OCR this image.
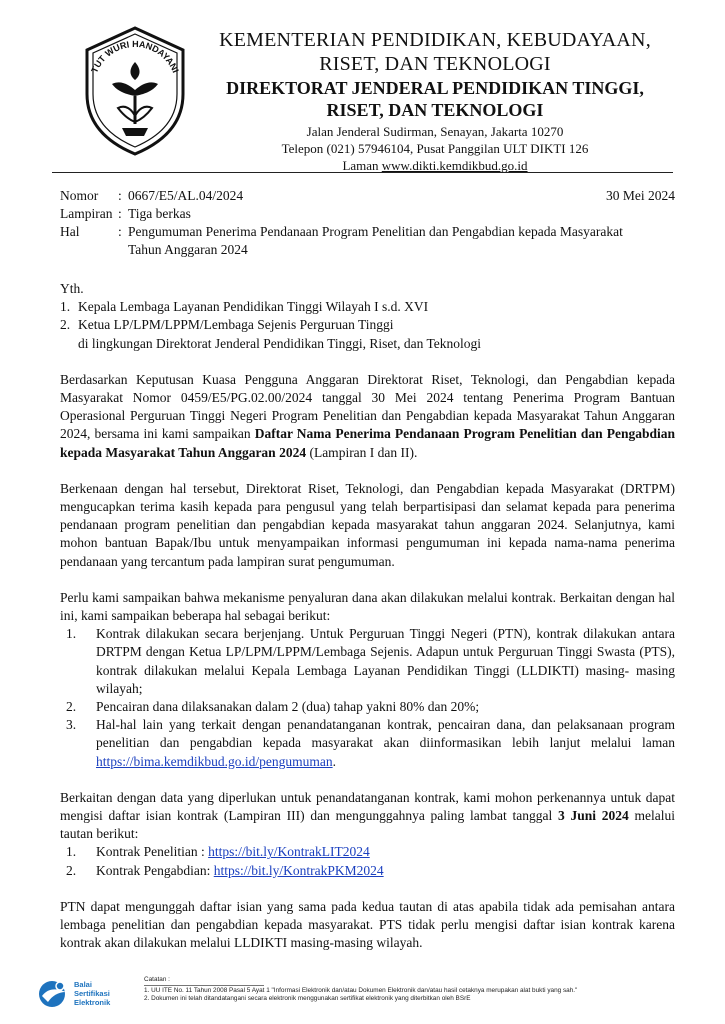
TUT WURI HANDAYANI
KEMENTERIAN PENDIDIKAN, KEBUDAYAAN,
RISET, DAN TEKNOLOGI
DIREKTORAT JENDERAL PENDIDIKAN TINGGI,
RISET, DAN TEKNOLOGI
Jalan Jenderal Sudirman, Senayan, Jakarta 10270
Telepon (021) 57946104, Pusat Panggilan ULT DIKTI 126
Laman www.dikti.kemdikbud.go.id
Nomor	: 0667/E5/AL.04/2024	30 Mei 2024
Lampiran : Tiga berkas
Hal	: Pengumuman Penerima Pendanaan Program Penelitian dan Pengabdian kepada Masyarakat
Tahun Anggaran 2024
Yth.
1. Kepala Lembaga Layanan Pendidikan Tinggi Wilayah I s.d. XVI
2. Ketua LP/LPM/LPPM/Lembaga Sejenis Perguruan Tinggi
di lingkungan Direktorat Jenderal Pendidikan Tinggi, Riset, dan Teknologi

Berdasarkan Keputusan Kuasa Pengguna Anggaran Direktorat Riset, Teknologi, dan Pengabdian kepada Masyarakat Nomor 0459/E5/PG.02.00/2024 tanggal 30 Mei 2024 tentang Penerima Program Bantuan Operasional Perguruan Tinggi Negeri Program Penelitian dan Pengabdian kepada Masyarakat Tahun Anggaran 2024, bersama ini kami sampaikan Daftar Nama Penerima Pendanaan Program Penelitian dan Pengabdian kepada Masyarakat Tahun Anggaran 2024 (Lampiran I dan II).

Berkenaan dengan hal tersebut, Direktorat Riset, Teknologi, dan Pengabdian kepada Masyarakat (DRTPM) mengucapkan terima kasih kepada para pengusul yang telah berpartisipasi dan selamat kepada para penerima pendanaan program penelitian dan pengabdian kepada masyarakat tahun anggaran 2024. Selanjutnya, kami mohon bantuan Bapak/Ibu untuk menyampaikan informasi pengumuman ini kepada nama-nama penerima pendanaan yang tercantum pada lampiran surat pengumuman.

Perlu kami sampaikan bahwa mekanisme penyaluran dana akan dilakukan melalui kontrak. Berkaitan dengan hal ini, kami sampaikan beberapa hal sebagai berikut:

1.	Kontrak dilakukan secara berjenjang. Untuk Perguruan Tinggi Negeri (PTN), kontrak dilakukan antara DRTPM dengan Ketua LP/LPM/LPPM/Lembaga Sejenis. Adapun untuk Perguruan Tinggi Swasta (PTS), kontrak dilakukan melalui Kepala Lembaga Layanan Pendidikan Tinggi (LLDIKTI) masing- masing wilayah;
2.	Pencairan dana dilaksanakan dalam 2 (dua) tahap yakni 80% dan 20%;
3.	Hal-hal lain yang terkait dengan penandatanganan kontrak, pencairan dana, dan pelaksanaan program penelitian dan pengabdian kepada masyarakat akan diinformasikan lebih lanjut melalui laman https://bima.kemdikbud.go.id/pengumuman.

Berkaitan dengan data yang diperlukan untuk penandatanganan kontrak, kami mohon perkenannya untuk dapat mengisi daftar isian kontrak (Lampiran III) dan mengunggahnya paling lambat tanggal 3 Juni 2024 melalui tautan berikut:

1.	Kontrak Penelitian : https://bit.ly/KontrakLIT2024
2.	Kontrak Pengabdian: https://bit.ly/KontrakPKM2024

PTN dapat mengunggah daftar isian yang sama pada kedua tautan di atas apabila tidak ada pemisahan antara lembaga penelitian dan pengabdian kepada masyarakat. PTS tidak perlu mengisi daftar isian kontrak karena kontrak akan dilakukan melalui LLDIKTI masing-masing wilayah.

Balai
Sertifikasi
Elektronik
Catatan :
1. UU ITE No. 11 Tahun 2008 Pasal 5 Ayat 1 "Informasi Elektronik dan/atau Dokumen Elektronik dan/atau hasil cetaknya merupakan alat bukti yang sah."
2. Dokumen ini telah ditandatangani secara elektronik menggunakan sertifikat elektronik yang diterbitkan oleh BSrE
